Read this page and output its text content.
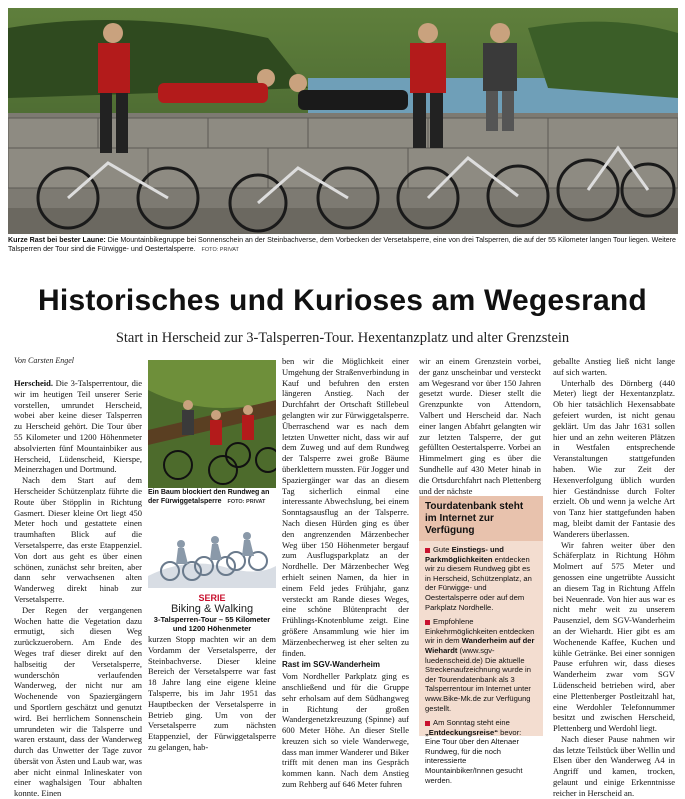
Kurze Rast bei bester Laune: Die Mountainbikegruppe bei Sonnenschein an der Steinbachverse, dem Vorbecken der Versetalsperre, eine von drei Talsperren, die auf der 55 Kilometer langen Tour liegen. Weitere Talsperren der Tour sind die Fürwigge- und Oestertalsperre. FOTO: PRIVAT
Historisches und Kurioses am Wegesrand
Start in Herscheid zur 3-Talsperren-Tour. Hexentanzplatz und alter Grenzstein
Von Carsten Engel

Herscheid. Die 3-Talsperrentour, die wir im heutigen Teil unserer Serie vorstellen, umrundet Herscheid, wobei aber keine dieser Talsperren zu Herscheid gehört. Die Tour über 55 Kilometer und 1200 Höhenmeter absolvierten fünf Mountainbiker aus Herscheid, Lüdenscheid, Kierspe, Meinerzhagen und Dortmund.

Nach dem Start auf dem Herscheider Schützenplatz führte die Route über Stöpplin in Richtung Gasmert. Dieser kleine Ort liegt 450 Meter hoch und gestattete einen traumhaften Blick auf die Versetalsperre, das erste Etappenziel. Von dort aus geht es über einen schönen, zunächst sehr breiten, aber dann sehr verwachsenen alten Wanderweg direkt hinab zur Versetalsperre.

Der Regen der vergangenen Wochen hatte die Vegetation dazu ermutigt, sich diesen Weg zurückzuerobern. Am Ende des Weges traf dieser direkt auf den halbseitig der Versetalsperre, wunderschön verlaufenden Wanderweg, der nicht nur am Wochenende von Spaziergängern und Sportlern geschätzt und genutzt wird. Bei herrlichem Sonnenschein umrundeten wir die Talsperre und waren erstaunt, dass der Wanderweg durch das Unwetter der Tage zuvor übersät von Ästen und Laub war, was aber nicht einmal Inlineskater von einer waghalsigen Tour abhalten konnte. Einen

Ein Baum blockiert den Rundweg an der Fürwiggetalsperre FOTO: PRIVAT
SERIE
Biking & Walking
3-Talsperren-Tour – 55 Kilometer und 1200 Höhenmeter

kurzen Stopp machten wir an dem Vordamm der Versetalsperre, der Steinbachverse. Dieser kleine Bereich der Versetalsperre war fast 18 Jahre lang eine eigene kleine Talsperre, bis im Jahr 1951 das Hauptbecken der Versetalsperre in Betrieb ging. Um von der Versetalsperre zum nächsten Etappenziel, der Fürwiggetalsperre zu gelangen, hab-

ben wir die Möglichkeit einer Umgehung der Straßenverbindung in Kauf und befuhren den ersten längeren Anstieg. Nach der Durchfahrt der Ortschaft Stillebeul gelangten wir zur Fürwiggetalsperre. Überraschend war es nach dem letzten Unwetter nicht, dass wir auf dem Zuweg und auf dem Rundweg der Talsperre zwei große Bäume überklettern mussten. Für Jogger und Spaziergänger war das an diesem Tag sicherlich einmal eine interessante Abwechslung, bei einem Sonntagsausflug an der Talsperre. Nach diesen Hürden ging es über den angrenzenden Märzenbecher Weg über 150 Höhenmeter bergauf zum Ausflugsparkplatz an der Nordhelle. Der Märzenbecher Weg erhielt seinen Namen, da hier in einem Feld jedes Frühjahr, ganz versteckt am Rande dieses Weges, eine schöne Blütenpracht der Frühlings-Knotenblume zeigt. Eine größere Ansammlung wie hier im Märzenbecherweg ist eher selten zu finden.

Rast im SGV-Wanderheim

Vom Nordheller Parkplatz ging es anschließend und für die Gruppe sehr erholsam auf dem Südhangweg in Richtung der großen Wandergenetzkreuzung (Spinne) auf 600 Meter Höhe. An dieser Stelle kreuzen sich so viele Wanderwege, dass man immer Wanderer und Biker trifft mit denen man ins Gespräch kommen kann. Nach dem Anstieg zum Rehberg auf 646 Meter fuhren

wir an einem Grenzstein vorbei, der ganz unscheinbar und versteckt am Wegesrand vor über 150 Jahren gesetzt wurde. Dieser stellt die Grenzpunkte von Attendorn, Valbert und Herscheid dar. Nach einer langen Abfahrt gelangten wir zur letzten Talsperre, der gut gefüllten Oestertalsperre. Vorbei an Himmelmert ging es über die Sundhelle auf 430 Meter hinab in die Ortsdurchfahrt nach Plettenberg und der nächste

Tourdatenbank steht im Internet zur Verfügung
Gute Einstiegs- und Parkmöglichkeiten entdecken wir zu diesem Rundweg gibt es in Herscheid, Schützenplatz, an der Fürwigge- und Oestertalsperre oder auf dem Parkplatz Nordhelle.
Empfohlene Einkehrmöglichkeiten entdecken wir in dem Wanderheim auf der Wiehardt (www.sgv-luedenscheid.de) Die aktuelle Streckenaufzeichnung wurde in der Tourendatenbank als 3 Talsperrentour im Internet unter www.Bike-Mk.de zur Verfügung gestellt.
Am Sonntag steht eine „Entdeckungsreise“ bevor: Eine Tour über den Altenaer Rundweg, für die noch interessierte Mountainbiker/Innen gesucht werden.

geballte Anstieg ließ nicht lange auf sich warten.

Unterhalb des Dörnberg (440 Meter) liegt der Hexentanzplatz. Ob hier tatsächlich Hexensabbate gefeiert wurden, ist nicht genau geklärt. Um das Jahr 1631 sollen hier und an zehn weiteren Plätzen in Westfalen entsprechende Veranstaltungen stattgefunden haben. Wie zur Zeit der Hexenverfolgung üblich wurden hier Geständnisse durch Folter erzielt. Ob und wenn ja welche Art von Tanz hier stattgefunden haben mag, bleibt damit der Fantasie des Wanderers überlassen.

Wir fahren weiter über den Schäferplatz in Richtung Höhm Molmert auf 575 Meter und genossen eine ungetrübte Aussicht an diesem Tag in Richtung Affeln bei Neuenrade. Von hier aus war es nicht mehr weit zu unserem Pausenziel, dem SGV-Wanderheim an der Wiehardt. Hier gibt es am Wochenende Kaffee, Kuchen und kühle Getränke. Bei einer sonnigen Pause erfuhren wir, dass dieses Wanderheim zwar vom SGV Lüdenscheid betrieben wird, aber eine Plettenberger Postleitzahl hat, eine Werdohler Telefonnummer besitzt und zwischen Herscheid, Plettenberg und Werdohl liegt.

Nach dieser Pause nahmen wir das letzte Teilstück über Wellin und Elsen über den Wanderweg A4 in Angriff und kamen, trocken, gelaunt und einige Erkenntnisse reicher in Herscheid an.
